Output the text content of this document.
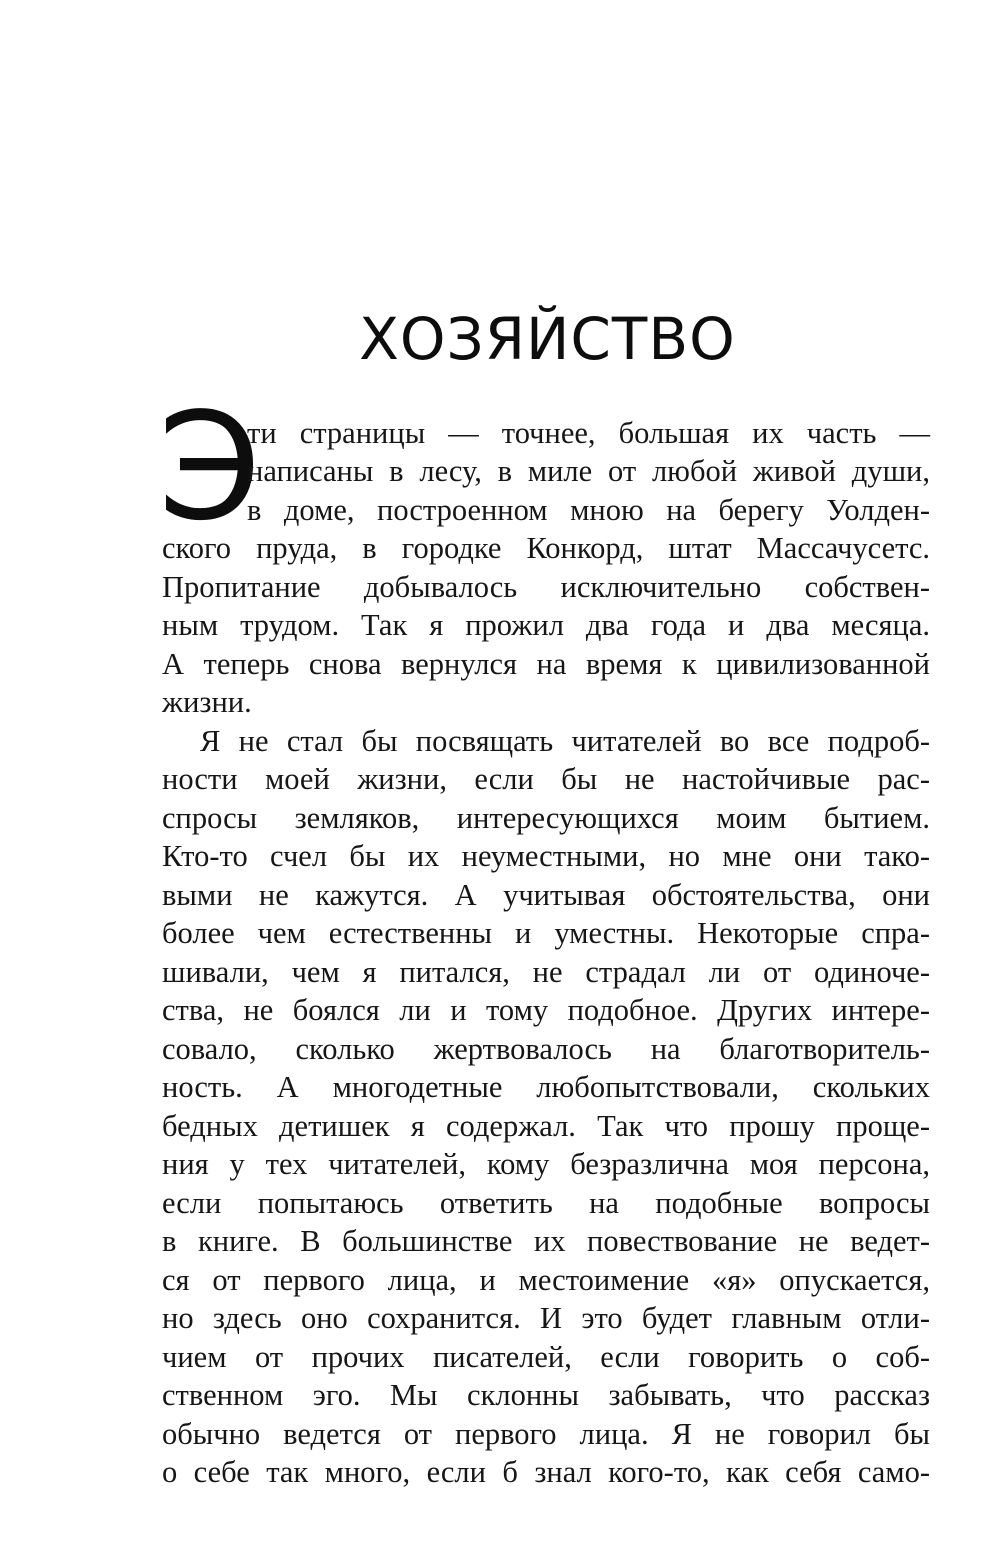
ХОЗЯЙСТВО
Э
ти страницы — точнее, большая их часть —
написаны в лесу, в миле от любой живой души,
в доме, построенном мною на берегу Уолден-
ского пруда, в городке Конкорд, штат Массачусетс.
Пропитание добывалось исключительно собствен-
ным трудом. Так я прожил два года и два месяца.
А теперь снова вернулся на время к цивилизованной
жизни.
Я не стал бы посвящать читателей во все подроб-
ности моей жизни, если бы не настойчивые рас-
спросы земляков, интересующихся моим бытием.
Кто-то счел бы их неуместными, но мне они тако-
выми не кажутся. А учитывая обстоятельства, они
более чем естественны и уместны. Некоторые спра-
шивали, чем я питался, не страдал ли от одиноче-
ства, не боялся ли и тому подобное. Других интере-
совало, сколько жертвовалось на благотворитель-
ность. А многодетные любопытствовали, скольких
бедных детишек я содержал. Так что прошу проще-
ния у тех читателей, кому безразлична моя персона,
если попытаюсь ответить на подобные вопросы
в книге. В большинстве их повествование не ведет-
ся от первого лица, и местоимение «я» опускается,
но здесь оно сохранится. И это будет главным отли-
чием от прочих писателей, если говорить о соб-
ственном эго. Мы склонны забывать, что рассказ
обычно ведется от первого лица. Я не говорил бы
о себе так много, если б знал кого-то, как себя само-
